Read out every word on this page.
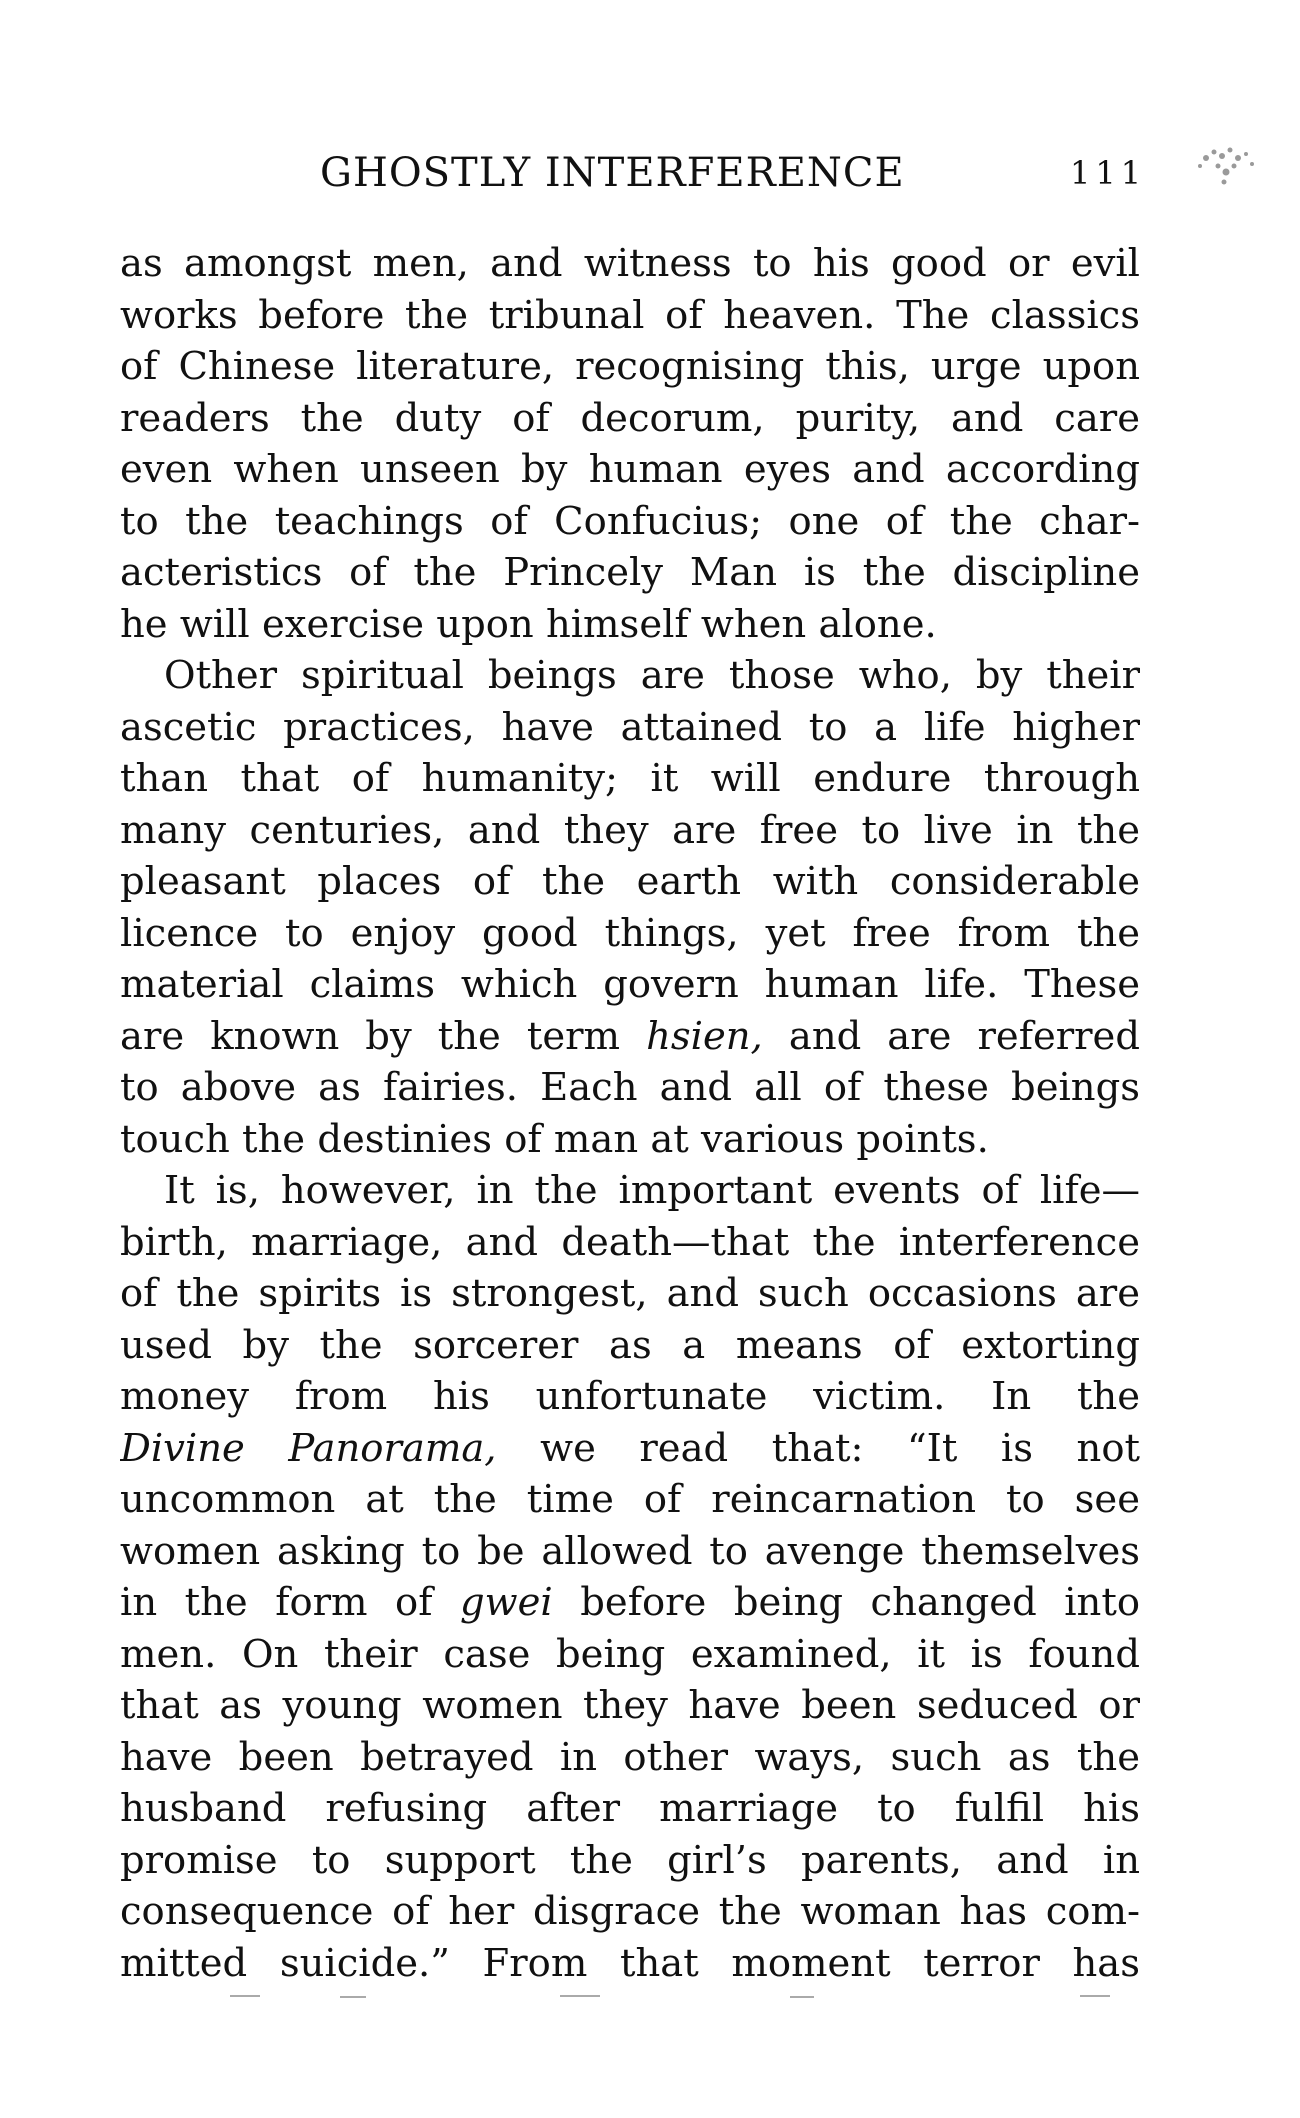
GHOSTLY INTERFERENCE	111
as amongst men, and witness to his good or evil
works before the tribunal of heaven. The classics
of Chinese literature, recognising this, urge upon
readers the duty of decorum, purity, and care
even when unseen by human eyes and according
to the teachings of Confucius; one of the char-
acteristics of the Princely Man is the discipline
he will exercise upon himself when alone.
Other spiritual beings are those who, by their
ascetic practices, have attained to a life higher
than that of humanity; it will endure through
many centuries, and they are free to live in the
pleasant places of the earth with considerable
licence to enjoy good things, yet free from the
material claims which govern human life. These
are known by the term hsien, and are referred
to above as fairies. Each and all of these beings
touch the destinies of man at various points.
It is, however, in the important events of life—
birth, marriage, and death—that the interference
of the spirits is strongest, and such occasions are
used by the sorcerer as a means of extorting
money from his unfortunate victim. In the
Divine Panorama, we read that: “It is not
uncommon at the time of reincarnation to see
women asking to be allowed to avenge themselves
in the form of gwei before being changed into
men. On their case being examined, it is found
that as young women they have been seduced or
have been betrayed in other ways, such as the
husband refusing after marriage to fulfil his
promise to support the girl’s parents, and in
consequence of her disgrace the woman has com-
mitted suicide.” From that moment terror has
